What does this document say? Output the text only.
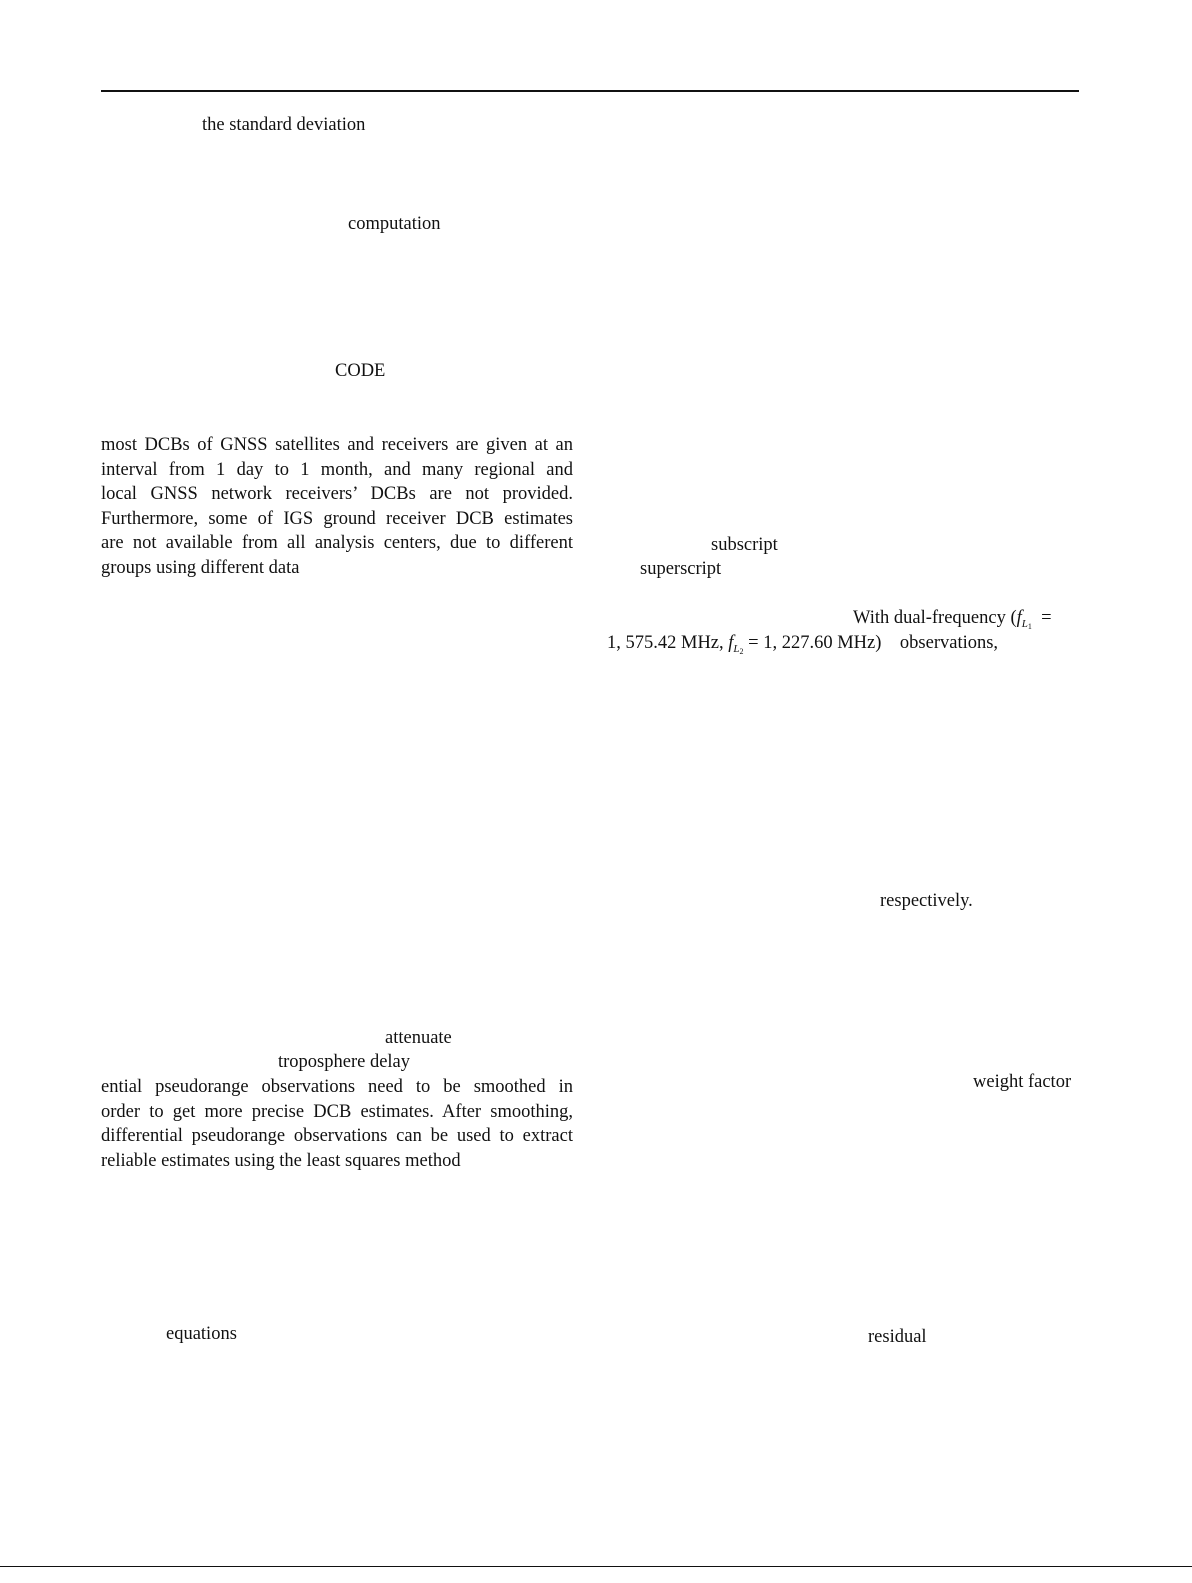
the standard deviation
computation
CODE
most DCBs of GNSS satellites and receivers are given at an
interval from 1 day to 1 month, and many regional and
local GNSS network receivers’ DCBs are not provided.
Furthermore, some of IGS ground receiver DCB estimates
are not available from all analysis centers, due to different
groups using different data
subscript
superscript
With dual-frequency ($f_{L1}$  =
1, 575.42 MHz, $f_{L2} = 1$, 227.60 MHz) observations,
respectively.
attenuate
troposphere delay
weight factor
ential pseudorange observations need to be smoothed in
order to get more precise DCB estimates. After smoothing,
differential pseudorange observations can be used to extract
reliable estimates using the least squares method
equations	residual
